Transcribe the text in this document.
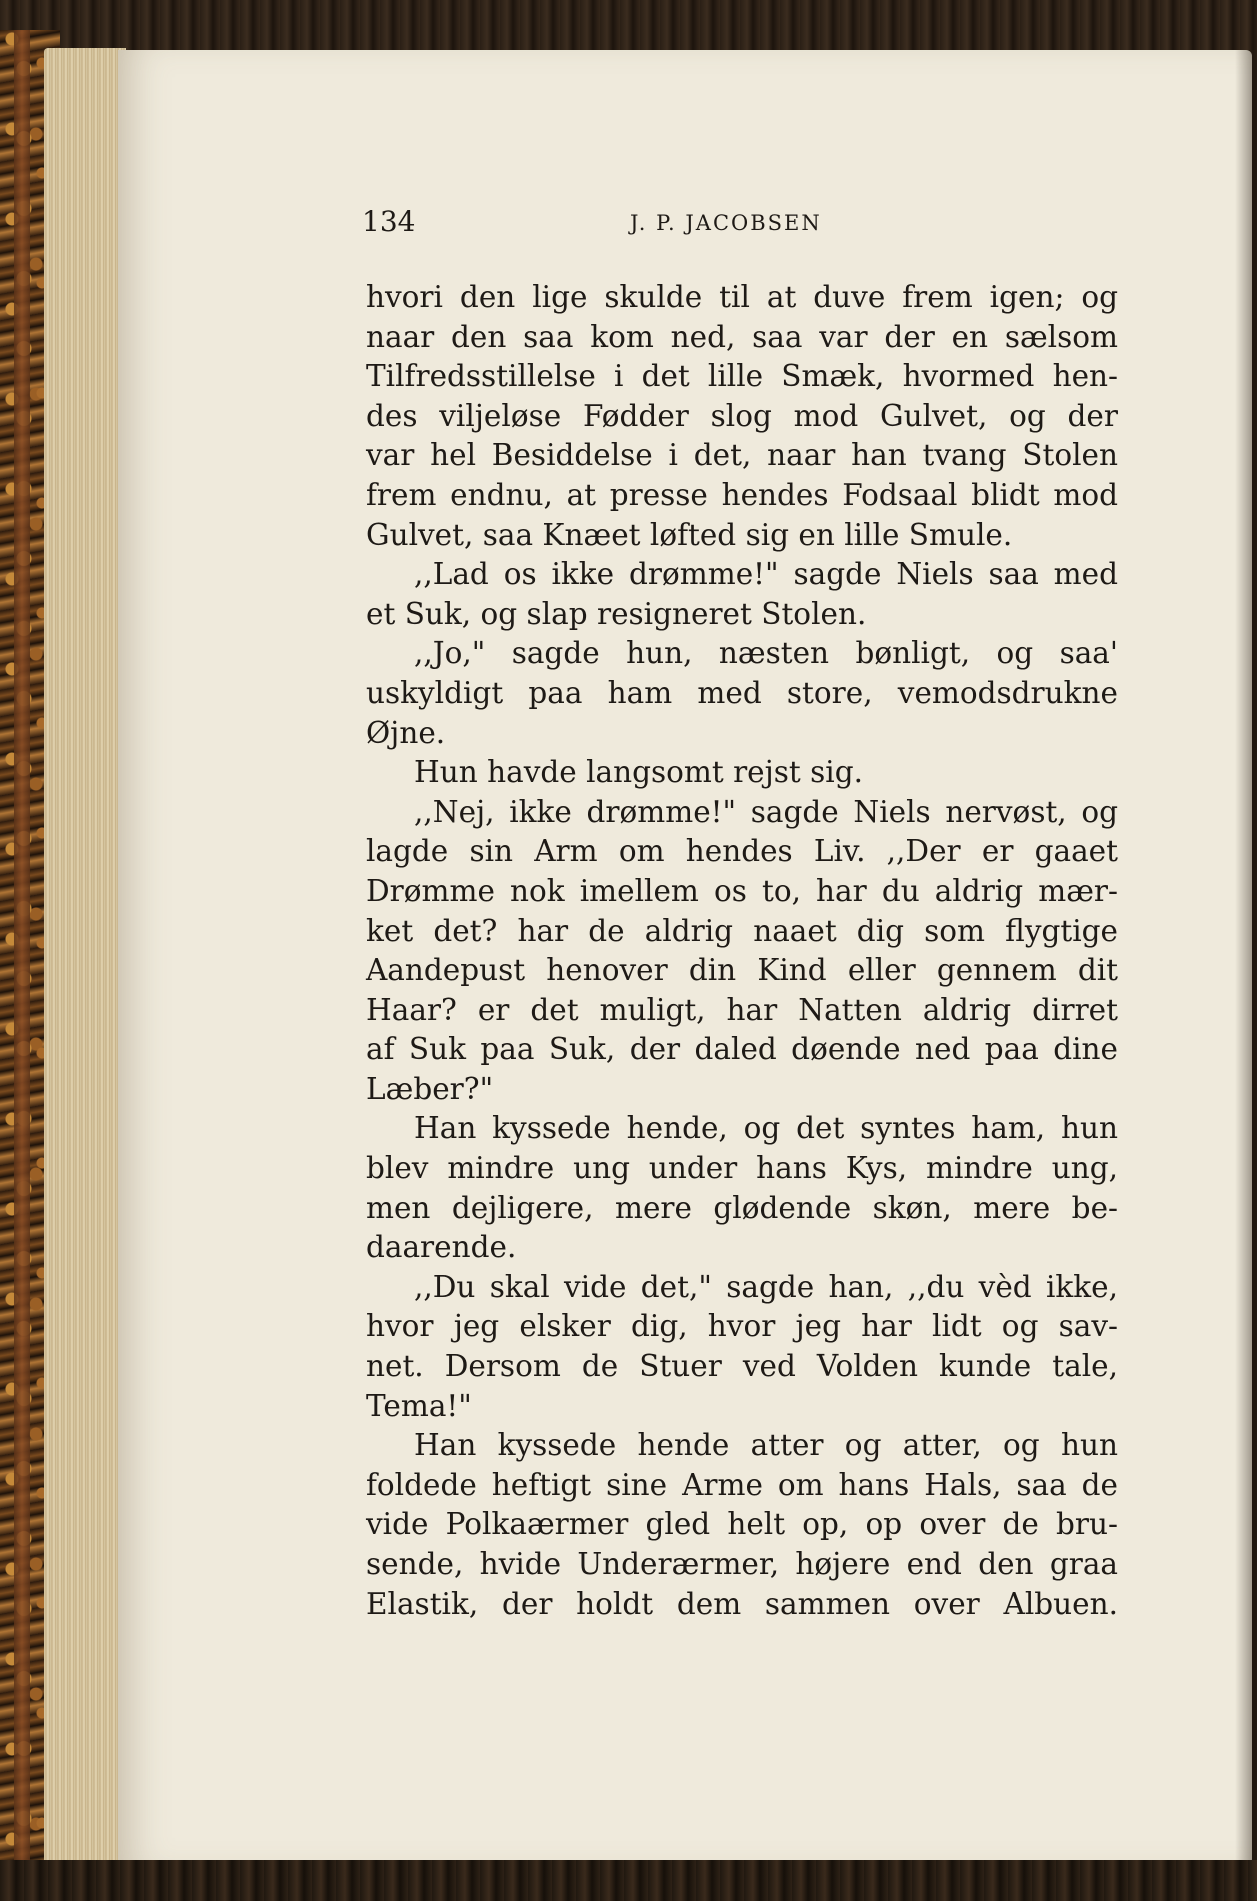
134	J. P. JACOBSEN
hvori den lige skulde til at duve frem igen; og
naar den saa kom ned, saa var der en sælsom
Tilfredsstillelse i det lille Smæk, hvormed hen-
des viljeløse Fødder slog mod Gulvet, og der
var hel Besiddelse i det, naar han tvang Stolen
frem endnu, at presse hendes Fodsaal blidt mod
Gulvet, saa Knæet løfted sig en lille Smule.
,,Lad os ikke drømme!" sagde Niels saa med
et Suk, og slap resigneret Stolen.
,,Jo," sagde hun, næsten bønligt, og saa'
uskyldigt paa ham med store, vemodsdrukne
Øjne.
Hun havde langsomt rejst sig.
,,Nej, ikke drømme!" sagde Niels nervøst, og
lagde sin Arm om hendes Liv. ,,Der er gaaet
Drømme nok imellem os to, har du aldrig mær-
ket det? har de aldrig naaet dig som flygtige
Aandepust henover din Kind eller gennem dit
Haar? er det muligt, har Natten aldrig dirret
af Suk paa Suk, der daled døende ned paa dine
Læber?"
Han kyssede hende, og det syntes ham, hun
blev mindre ung under hans Kys, mindre ung,
men dejligere, mere glødende skøn, mere be-
daarende.
,,Du skal vide det," sagde han, ,,du vèd ikke,
hvor jeg elsker dig, hvor jeg har lidt og sav-
net. Dersom de Stuer ved Volden kunde tale,
Tema!"
Han kyssede hende atter og atter, og hun
foldede heftigt sine Arme om hans Hals, saa de
vide Polkaærmer gled helt op, op over de bru-
sende, hvide Underærmer, højere end den graa
Elastik, der holdt dem sammen over Albuen.
